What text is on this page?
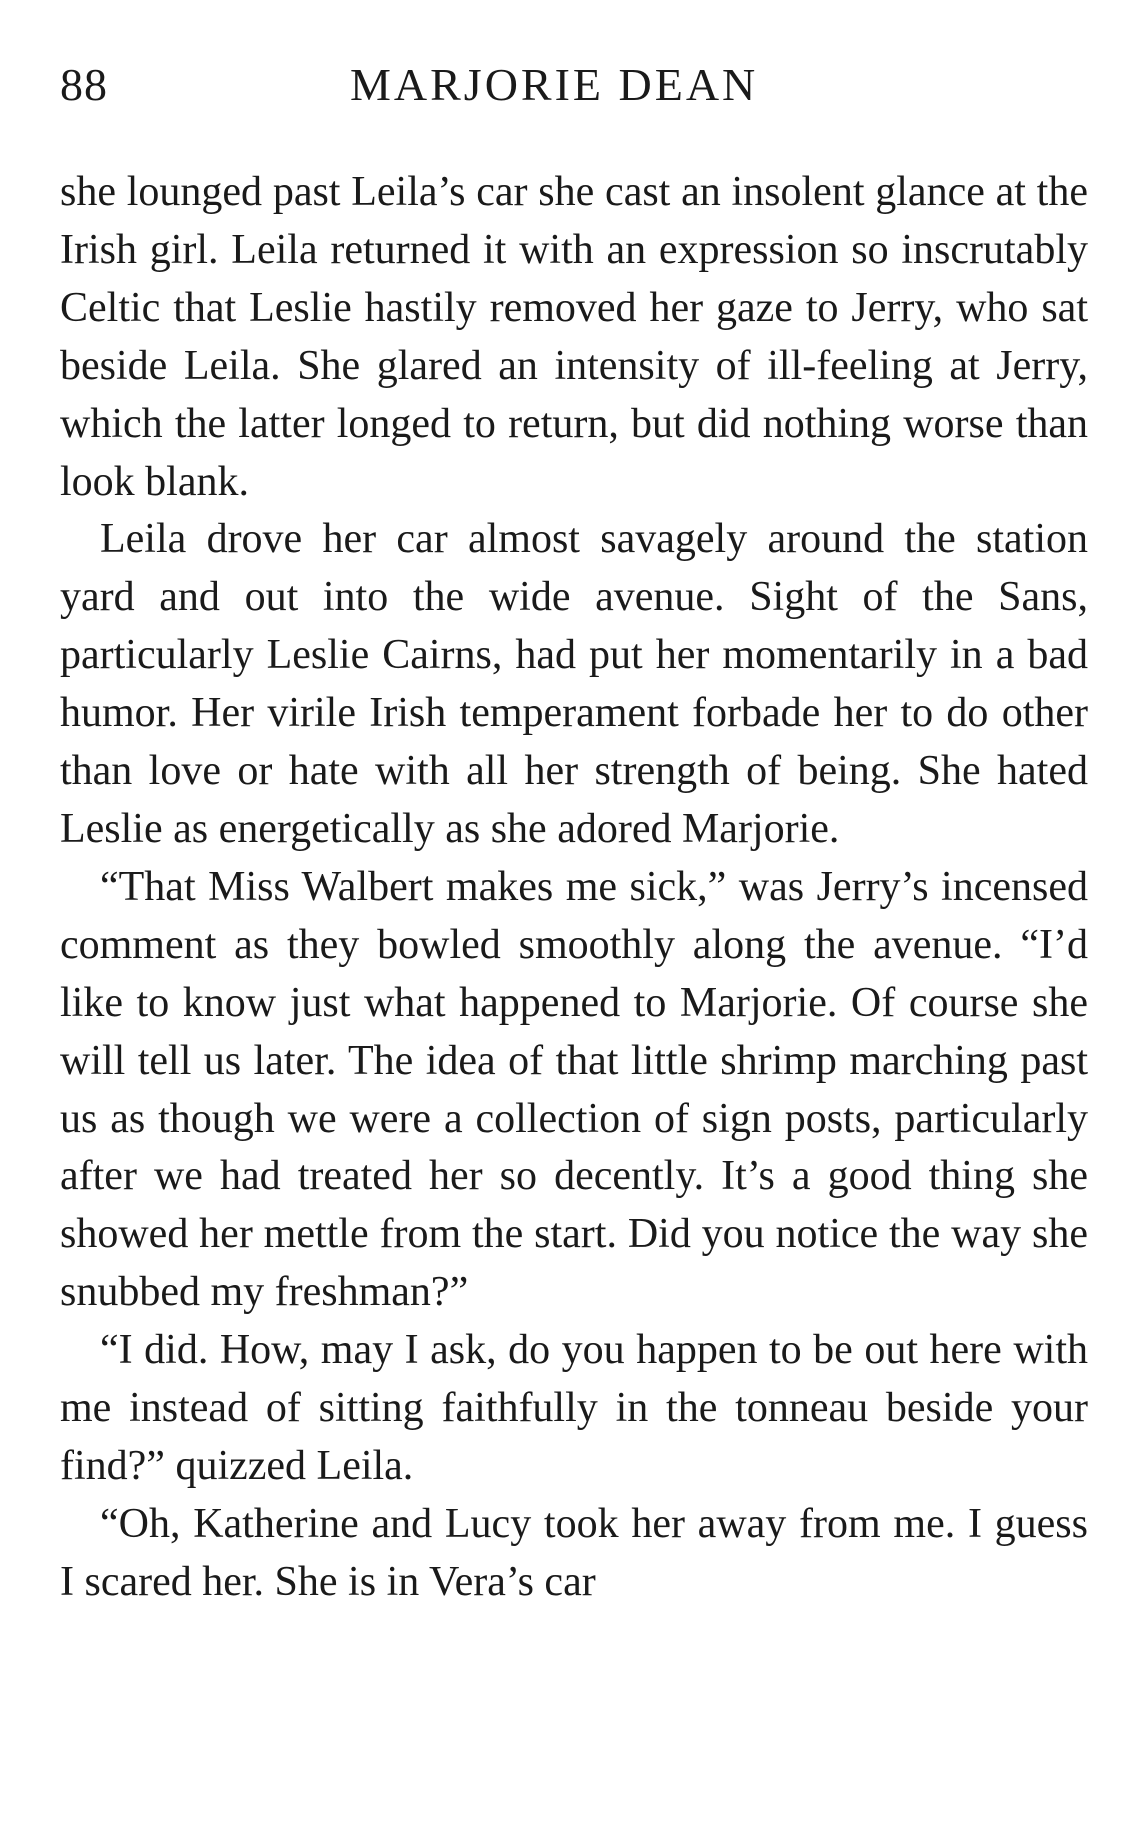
88	MARJORIE DEAN

she lounged past Leila’s car she cast an insolent glance at the Irish girl. Leila returned it with an expression so inscrutably Celtic that Leslie hastily removed her gaze to Jerry, who sat beside Leila. She glared an intensity of ill-feeling at Jerry, which the latter longed to return, but did nothing worse than look blank.

Leila drove her car almost savagely around the station yard and out into the wide avenue. Sight of the Sans, particularly Leslie Cairns, had put her momentarily in a bad humor. Her virile Irish temperament forbade her to do other than love or hate with all her strength of being. She hated Leslie as energetically as she adored Marjorie.

“That Miss Walbert makes me sick,” was Jerry’s incensed comment as they bowled smoothly along the avenue. “I’d like to know just what happened to Marjorie. Of course she will tell us later. The idea of that little shrimp marching past us as though we were a collection of sign posts, particularly after we had treated her so decently. It’s a good thing she showed her mettle from the start. Did you notice the way she snubbed my freshman?”

“I did. How, may I ask, do you happen to be out here with me instead of sitting faithfully in the tonneau beside your find?” quizzed Leila.

“Oh, Katherine and Lucy took her away from me. I guess I scared her. She is in Vera’s car
